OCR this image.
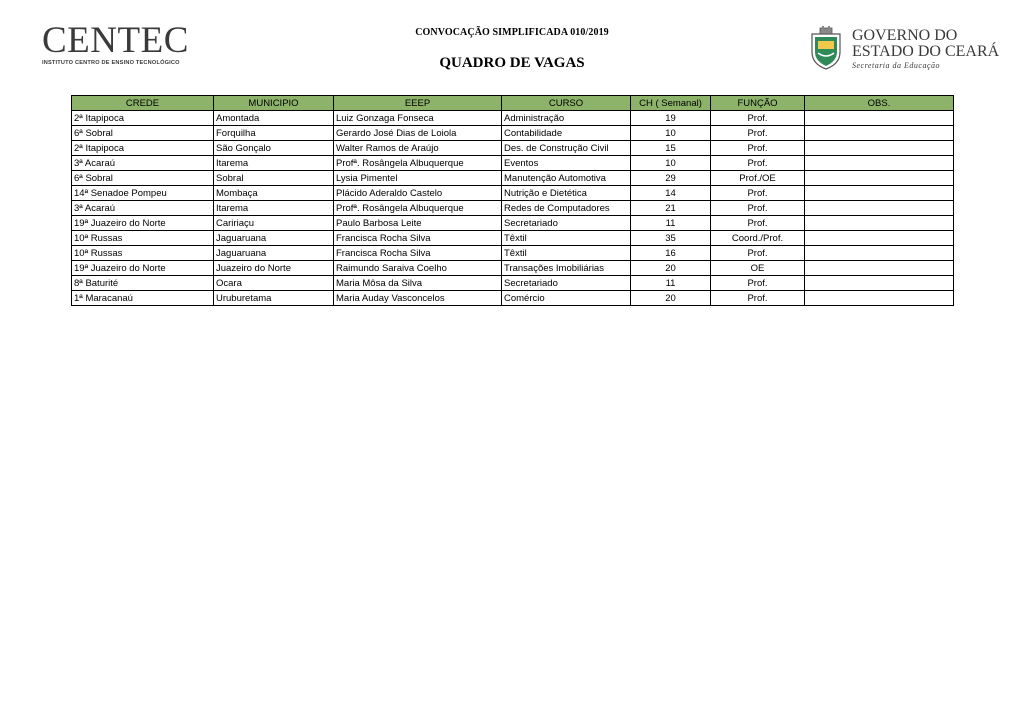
CENTEC
INSTITUTO CENTRO DE ENSINO TECNOLÓGICO
CONVOCAÇÃO SIMPLIFICADA 010/2019
QUADRO DE VAGAS
GOVERNO DO
ESTADO DO CEARÁ
Secretaria da Educação
CREDE	MUNICIPIO	EEEP	CURSO	CH ( Semanal)	FUNÇÃO	OBS.
2ª Itapipoca	Amontada	Luiz Gonzaga Fonseca	Administração	19	Prof.	
6ª Sobral	Forquilha	Gerardo José Dias de Loiola	Contabilidade	10	Prof.	
2ª Itapipoca	São Gonçalo	Walter Ramos de Araújo	Des. de Construção Civil	15	Prof.	
3ª Acaraú	Itarema	Profª. Rosângela Albuquerque	Eventos	10	Prof.	
6ª Sobral	Sobral	Lysia Pimentel	Manutenção Automotiva	29	Prof./OE	
14ª Senadoe Pompeu	Mombaça	Plácido Aderaldo Castelo	Nutrição e Dietética	14	Prof.	
3ª Acaraú	Itarema	Profª. Rosângela Albuquerque	Redes de Computadores	21	Prof.	
19ª Juazeiro do Norte	Caririaçu	Paulo Barbosa Leite	Secretariado	11	Prof.	
10ª Russas	Jaguaruana	Francisca Rocha Silva	Têxtil	35	Coord./Prof.	
10ª Russas	Jaguaruana	Francisca Rocha Silva	Têxtil	16	Prof.	
19ª Juazeiro do Norte	Juazeiro do Norte	Raimundo Saraiva Coelho	Transações Imobiliárias	20	OE	
8ª Baturité	Ocara	Maria Môsa da Silva	Secretariado	11	Prof.	
1ª Maracanaú	Uruburetama	Maria Auday Vasconcelos	Comércio	20	Prof.	
